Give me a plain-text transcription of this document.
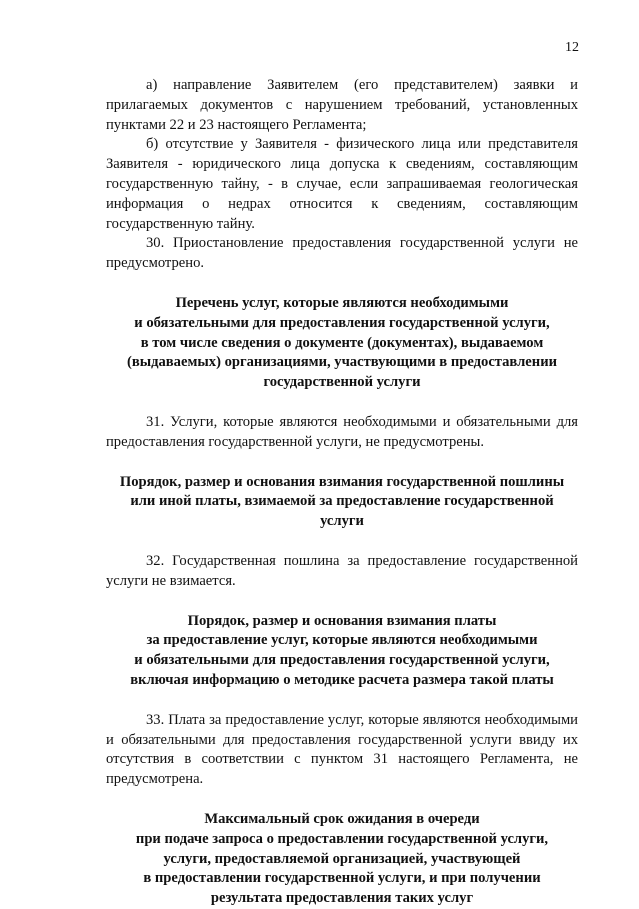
12

а) направление Заявителем (его представителем) заявки и прилагаемых документов с нарушением требований, установленных пунктами 22 и 23 настоящего Регламента;

б) отсутствие у Заявителя - физического лица или представителя Заявителя - юридического лица допуска к сведениям, составляющим государственную тайну, - в случае, если запрашиваемая геологическая информация о недрах относится к сведениям, составляющим государственную тайну.

30. Приостановление предоставления государственной услуги не предусмотрено.

Перечень услуг, которые являются необходимыми
и обязательными для предоставления государственной услуги,
в том числе сведения о документе (документах), выдаваемом
(выдаваемых) организациями, участвующими в предоставлении
государственной услуги

31. Услуги, которые являются необходимыми и обязательными для предоставления государственной услуги, не предусмотрены.

Порядок, размер и основания взимания государственной пошлины
или иной платы, взимаемой за предоставление государственной
услуги

32. Государственная пошлина за предоставление государственной услуги не взимается.

Порядок, размер и основания взимания платы
за предоставление услуг, которые являются необходимыми
и обязательными для предоставления государственной услуги,
включая информацию о методике расчета размера такой платы

33. Плата за предоставление услуг, которые являются необходимыми и обязательными для предоставления государственной услуги ввиду их отсутствия в соответствии с пунктом 31 настоящего Регламента, не предусмотрена.

Максимальный срок ожидания в очереди
при подаче запроса о предоставлении государственной услуги,
услуги, предоставляемой организацией, участвующей
в предоставлении государственной услуги, и при получении
результата предоставления таких услуг
